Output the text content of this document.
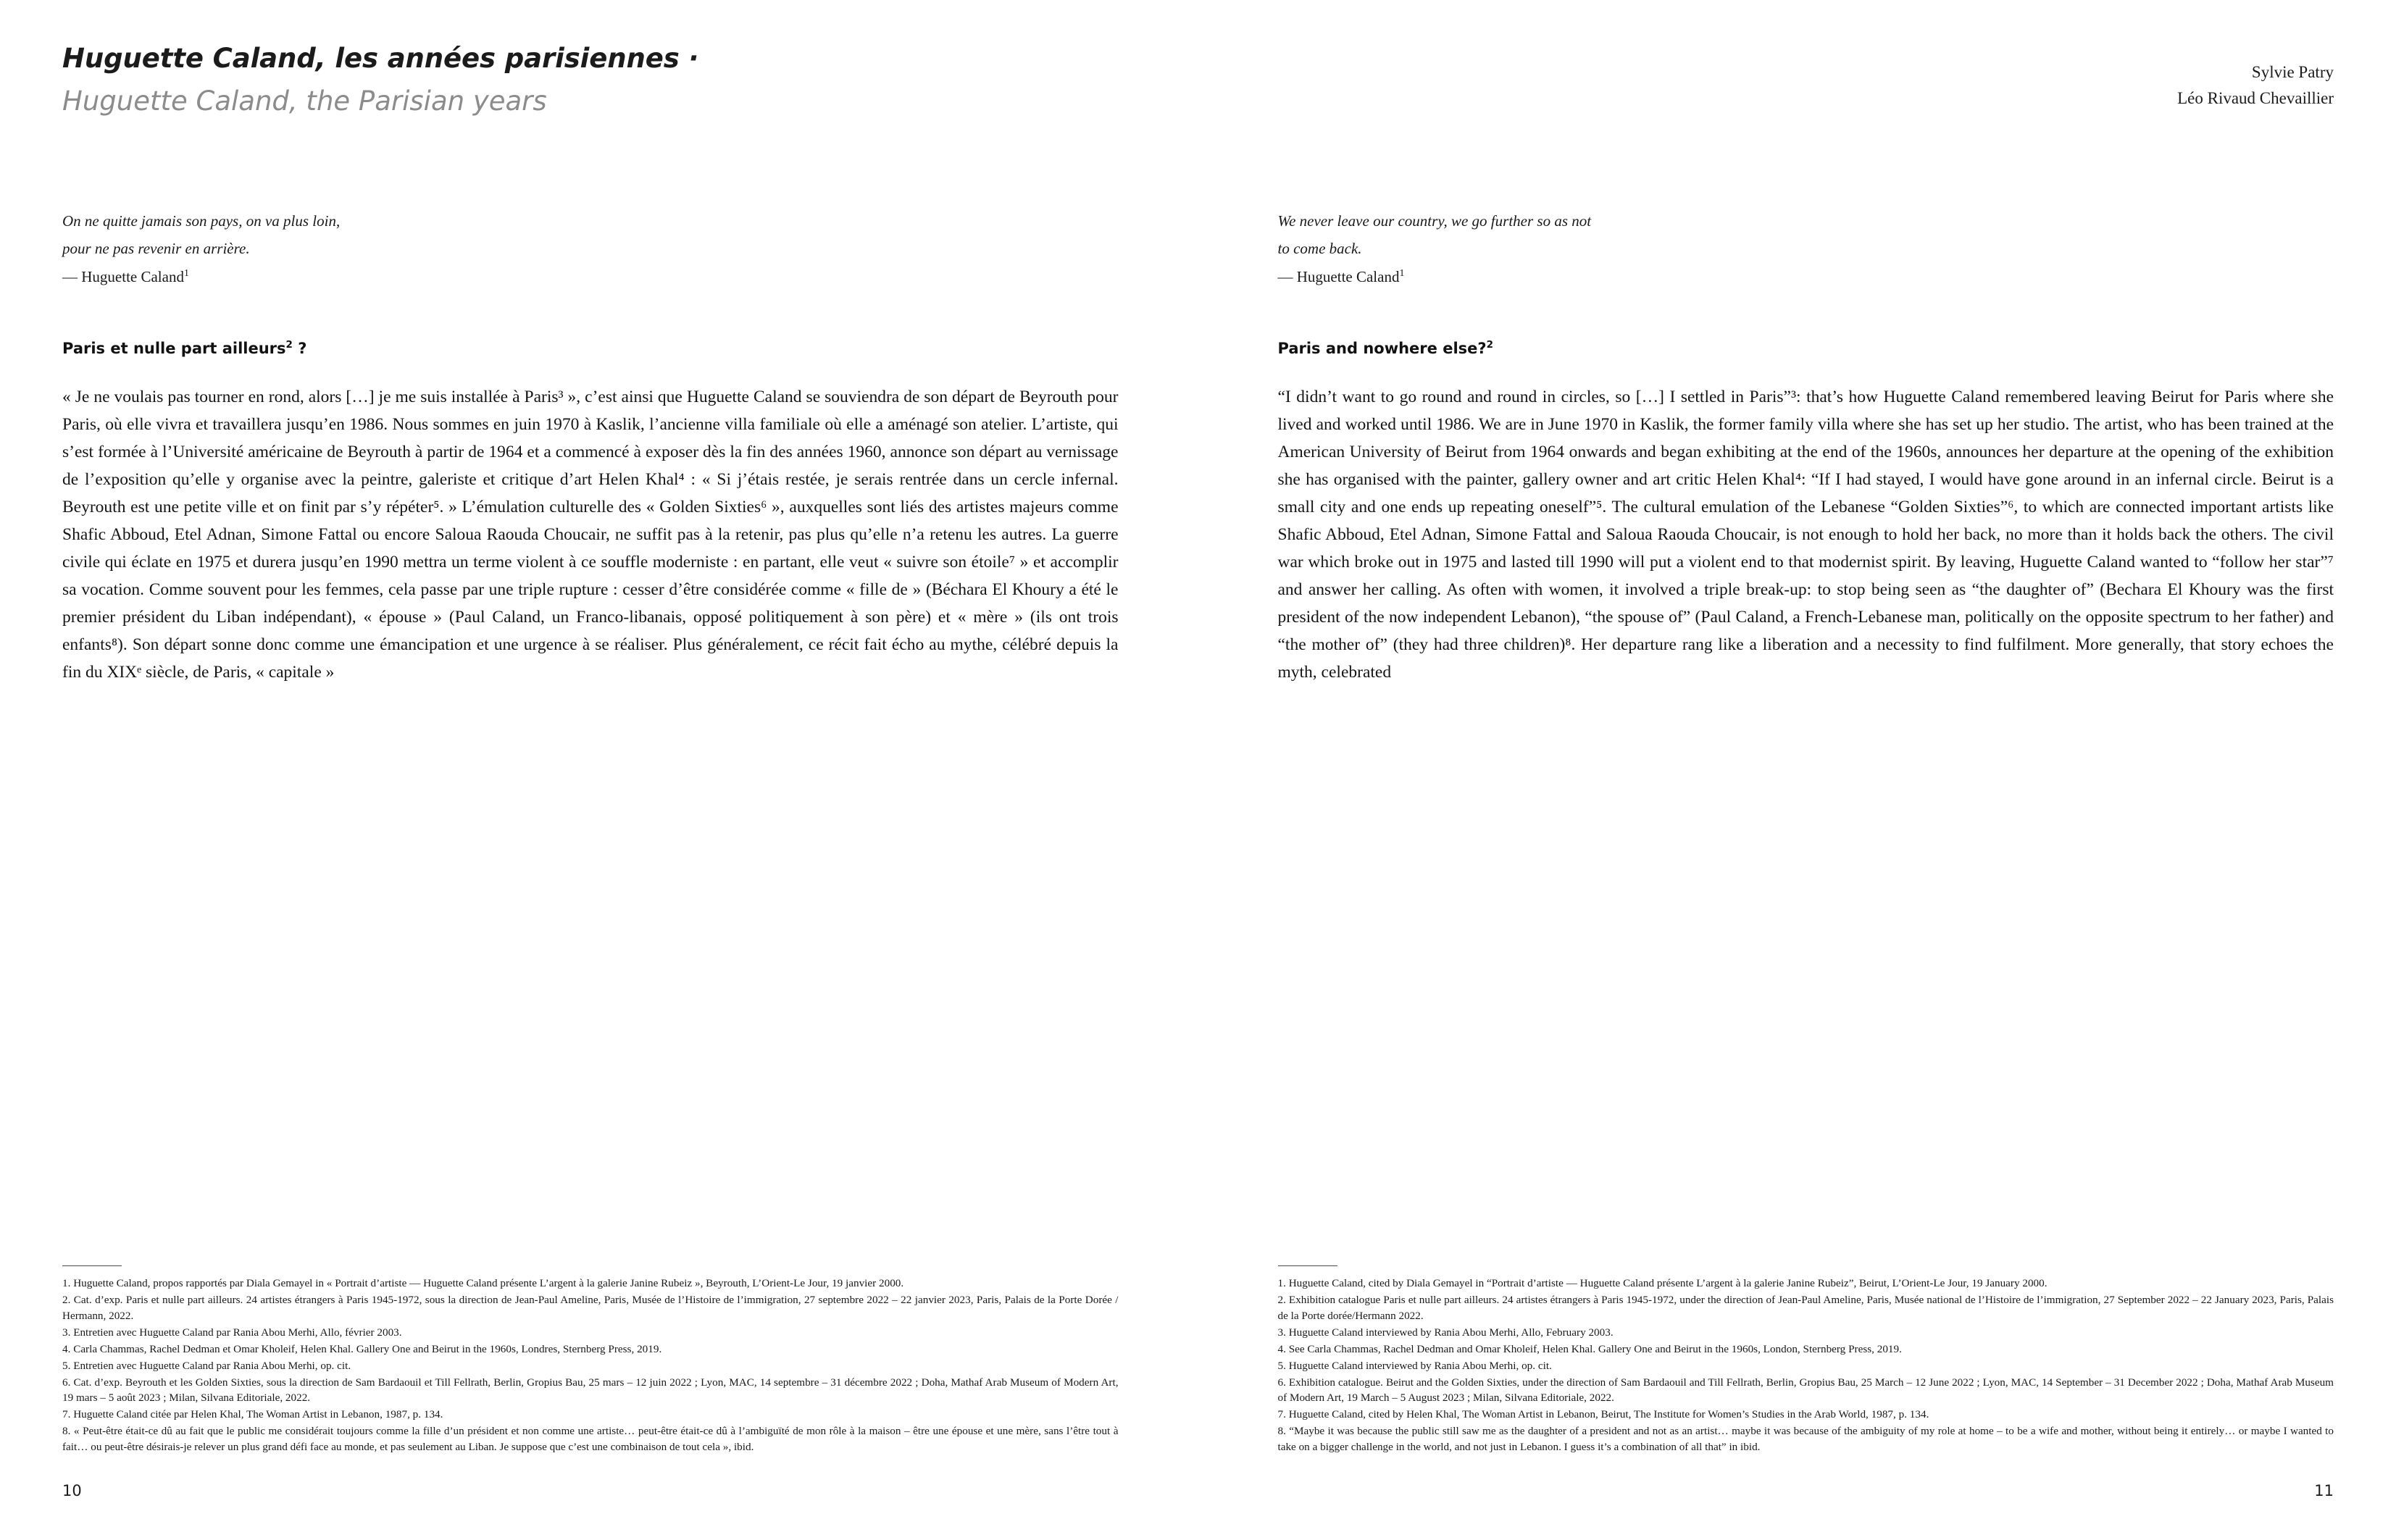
Huguette Caland, les années parisiennes ·
Huguette Caland, the Parisian years

On ne quitte jamais son pays, on va plus loin,

pour ne pas revenir en arrière.

— Huguette Caland$^1$

Paris et nulle part ailleurs$^2$ ?

« Je ne voulais pas tourner en rond, alors […] je me suis installée à Paris³ », c’est ainsi que Huguette Caland se souviendra de son départ de Beyrouth pour Paris, où elle vivra et travaillera jusqu’en 1986. Nous sommes en juin 1970 à Kaslik, l’ancienne villa familiale où elle a aménagé son atelier. L’artiste, qui s’est formée à l’Université américaine de Beyrouth à partir de 1964 et a commencé à exposer dès la fin des années 1960, annonce son départ au vernissage de l’exposition qu’elle y organise avec la peintre, galeriste et critique d’art Helen Khal⁴ : « Si j’étais restée, je serais rentrée dans un cercle infernal. Beyrouth est une petite ville et on finit par s’y répéter⁵. » L’émulation culturelle des « Golden Sixties⁶ », auxquelles sont liés des artistes majeurs comme Shafic Abboud, Etel Adnan, Simone Fattal ou encore Saloua Raouda Choucair, ne suffit pas à la retenir, pas plus qu’elle n’a retenu les autres. La guerre civile qui éclate en 1975 et durera jusqu’en 1990 mettra un terme violent à ce souffle moderniste : en partant, elle veut « suivre son étoile⁷ » et accomplir sa vocation. Comme souvent pour les femmes, cela passe par une triple rupture : cesser d’être considérée comme « fille de » (Béchara El Khoury a été le premier président du Liban indépendant), « épouse » (Paul Caland, un Franco-libanais, opposé politiquement à son père) et « mère » (ils ont trois enfants⁸). Son départ sonne donc comme une émancipation et une urgence à se réaliser. Plus généralement, ce récit fait écho au mythe, célébré depuis la fin du XIXᵉ siècle, de Paris, « capitale »

1. Huguette Caland, propos rapportés par Diala Gemayel in « Portrait d’artiste — Huguette Caland présente L’argent à la galerie Janine Rubeiz », Beyrouth, L’Orient-Le Jour, 19 janvier 2000.

2. Cat. d’exp. Paris et nulle part ailleurs. 24 artistes étrangers à Paris 1945-1972, sous la direction de Jean-Paul Ameline, Paris, Musée de l’Histoire de l’immigration, 27 septembre 2022 – 22 janvier 2023, Paris, Palais de la Porte Dorée / Hermann, 2022.

3. Entretien avec Huguette Caland par Rania Abou Merhi, Allo, février 2003.

4. Carla Chammas, Rachel Dedman et Omar Kholeif, Helen Khal. Gallery One and Beirut in the 1960s, Londres, Sternberg Press, 2019.

5. Entretien avec Huguette Caland par Rania Abou Merhi, op. cit.

6. Cat. d’exp. Beyrouth et les Golden Sixties, sous la direction de Sam Bardaouil et Till Fellrath, Berlin, Gropius Bau, 25 mars – 12 juin 2022 ; Lyon, MAC, 14 septembre – 31 décembre 2022 ; Doha, Mathaf Arab Museum of Modern Art, 19 mars – 5 août 2023 ; Milan, Silvana Editoriale, 2022.

7. Huguette Caland citée par Helen Khal, The Woman Artist in Lebanon, 1987, p. 134.

8. « Peut-être était-ce dû au fait que le public me considérait toujours comme la fille d’un président et non comme une artiste… peut-être était-ce dû à l’ambiguïté de mon rôle à la maison – être une épouse et une mère, sans l’être tout à fait… ou peut-être désirais-je relever un plus grand défi face au monde, et pas seulement au Liban. Je suppose que c’est une combinaison de tout cela », ibid.

10
Sylvie Patry
Léo Rivaud Chevaillier

We never leave our country, we go further so as not

to come back.

— Huguette Caland$^1$

Paris and nowhere else?$^2$

“I didn’t want to go round and round in circles, so […] I settled in Paris”³: that’s how Huguette Caland remembered leaving Beirut for Paris where she lived and worked until 1986. We are in June 1970 in Kaslik, the former family villa where she has set up her studio. The artist, who has been trained at the American University of Beirut from 1964 onwards and began exhibiting at the end of the 1960s, announces her departure at the opening of the exhibition she has organised with the painter, gallery owner and art critic Helen Khal⁴: “If I had stayed, I would have gone around in an infernal circle. Beirut is a small city and one ends up repeating oneself”⁵. The cultural emulation of the Lebanese “Golden Sixties”⁶, to which are connected important artists like Shafic Abboud, Etel Adnan, Simone Fattal and Saloua Raouda Choucair, is not enough to hold her back, no more than it holds back the others. The civil war which broke out in 1975 and lasted till 1990 will put a violent end to that modernist spirit. By leaving, Huguette Caland wanted to “follow her star”⁷ and answer her calling. As often with women, it involved a triple break-up: to stop being seen as “the daughter of” (Bechara El Khoury was the first president of the now independent Lebanon), “the spouse of” (Paul Caland, a French-Lebanese man, politically on the opposite spectrum to her father) and “the mother of” (they had three children)⁸. Her departure rang like a liberation and a necessity to find fulfilment. More generally, that story echoes the myth, celebrated

1. Huguette Caland, cited by Diala Gemayel in “Portrait d’artiste — Huguette Caland présente L’argent à la galerie Janine Rubeiz”, Beirut, L’Orient-Le Jour, 19 January 2000.

2. Exhibition catalogue Paris et nulle part ailleurs. 24 artistes étrangers à Paris 1945-1972, under the direction of Jean-Paul Ameline, Paris, Musée national de l’Histoire de l’immigration, 27 September 2022 – 22 January 2023, Paris, Palais de la Porte dorée/Hermann 2022.

3. Huguette Caland interviewed by Rania Abou Merhi, Allo, February 2003.

4. See Carla Chammas, Rachel Dedman and Omar Kholeif, Helen Khal. Gallery One and Beirut in the 1960s, London, Sternberg Press, 2019.

5. Huguette Caland interviewed by Rania Abou Merhi, op. cit.

6. Exhibition catalogue. Beirut and the Golden Sixties, under the direction of Sam Bardaouil and Till Fellrath, Berlin, Gropius Bau, 25 March – 12 June 2022 ; Lyon, MAC, 14 September – 31 December 2022 ; Doha, Mathaf Arab Museum of Modern Art, 19 March – 5 August 2023 ; Milan, Silvana Editoriale, 2022.

7. Huguette Caland, cited by Helen Khal, The Woman Artist in Lebanon, Beirut, The Institute for Women’s Studies in the Arab World, 1987, p. 134.

8. “Maybe it was because the public still saw me as the daughter of a president and not as an artist… maybe it was because of the ambiguity of my role at home – to be a wife and mother, without being it entirely… or maybe I wanted to take on a bigger challenge in the world, and not just in Lebanon. I guess it’s a combination of all that” in ibid.

11
